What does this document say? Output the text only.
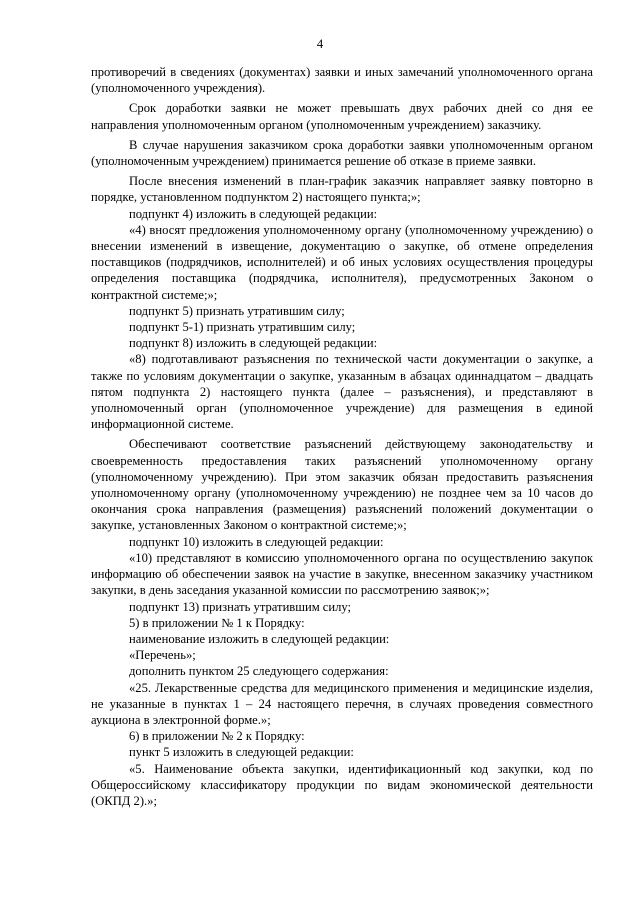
4

противоречий в сведениях (документах) заявки и иных замечаний уполномоченного органа (уполномоченного учреждения).

Срок доработки заявки не может превышать двух рабочих дней со дня ее направления уполномоченным органом (уполномоченным учреждением) заказчику.

В случае нарушения заказчиком срока доработки заявки уполномоченным органом (уполномоченным учреждением) принимается решение об отказе в приеме заявки.

После внесения изменений в план-график заказчик направляет заявку повторно в порядке, установленном подпунктом 2) настоящего пункта;»;

подпункт 4) изложить в следующей редакции:

«4) вносят предложения уполномоченному органу (уполномоченному учреждению) о внесении изменений в извещение, документацию о закупке, об отмене определения поставщиков (подрядчиков, исполнителей) и об иных условиях осуществления процедуры определения поставщика (подрядчика, исполнителя), предусмотренных Законом о контрактной системе;»;

подпункт 5) признать утратившим силу;

подпункт 5-1) признать утратившим силу;

подпункт 8) изложить в следующей редакции:

«8) подготавливают разъяснения по технической части документации о закупке, а также по условиям документации о закупке, указанным в абзацах одиннадцатом – двадцать пятом подпункта 2) настоящего пункта (далее – разъяснения), и представляют в уполномоченный орган (уполномоченное учреждение) для размещения в единой информационной системе.

Обеспечивают соответствие разъяснений действующему законодательству и своевременность предоставления таких разъяснений уполномоченному органу (уполномоченному учреждению). При этом заказчик обязан предоставить разъяснения уполномоченному органу (уполномоченному учреждению) не позднее чем за 10 часов до окончания срока направления (размещения) разъяснений положений документации о закупке, установленных Законом о контрактной системе;»;

подпункт 10) изложить в следующей редакции:

«10) представляют в комиссию уполномоченного органа по осуществлению закупок информацию об обеспечении заявок на участие в закупке, внесенном заказчику участником закупки, в день заседания указанной комиссии по рассмотрению заявок;»;

подпункт 13) признать утратившим силу;

5) в приложении № 1 к Порядку:

наименование изложить в следующей редакции:

«Перечень»;

дополнить пунктом 25 следующего содержания:

«25. Лекарственные средства для медицинского применения и медицинские изделия, не указанные в пунктах 1 – 24 настоящего перечня, в случаях проведения совместного аукциона в электронной форме.»;

6) в приложении № 2 к Порядку:

пункт 5 изложить в следующей редакции:

«5. Наименование объекта закупки, идентификационный код закупки, код по Общероссийскому классификатору продукции по видам экономической деятельности (ОКПД 2).»;
